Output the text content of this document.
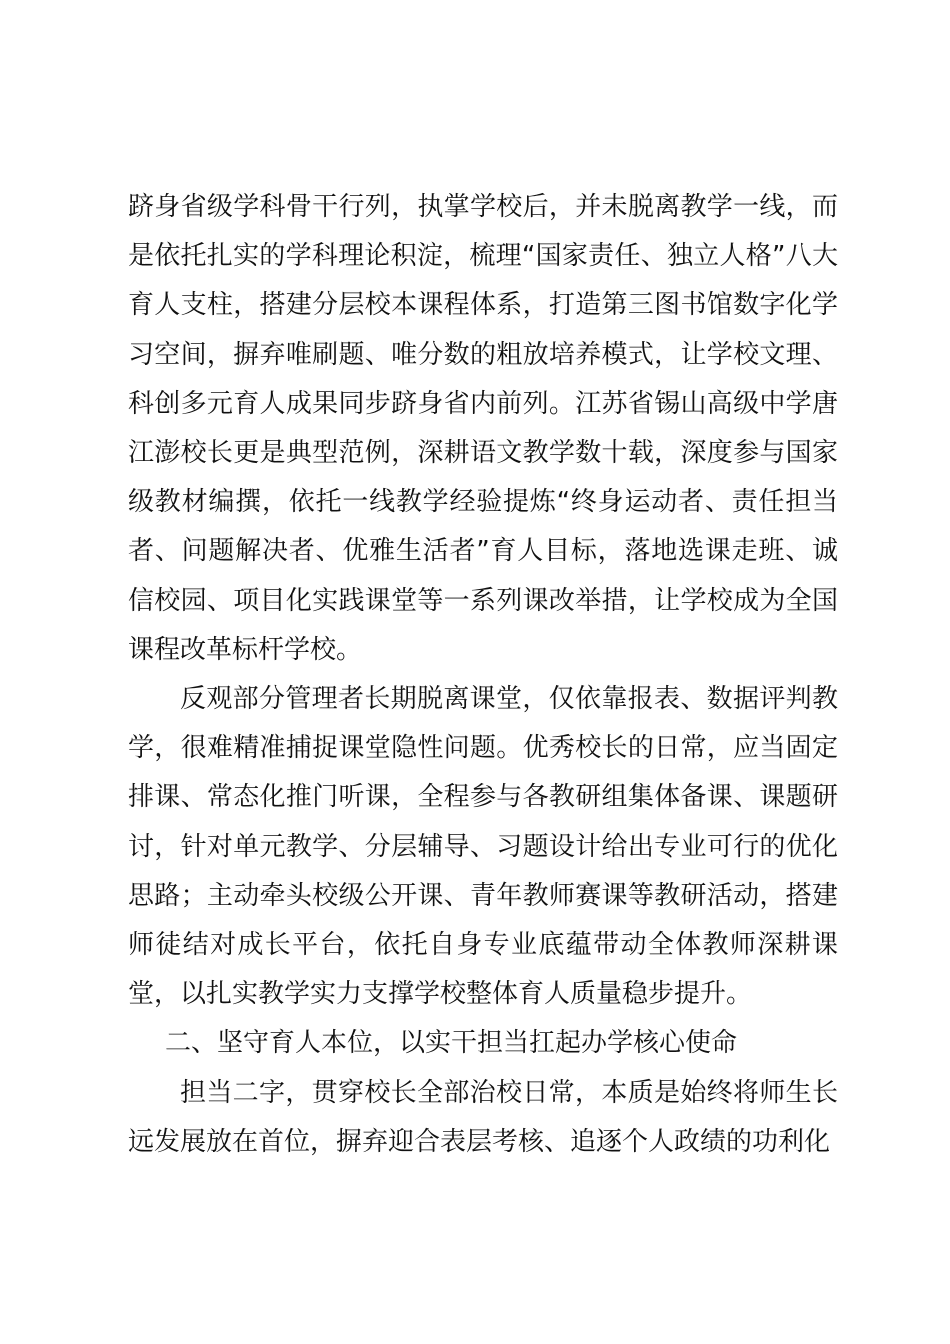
跻身省级学科骨干行列，执掌学校后，并未脱离教学一线，而是依托扎实的学科理论积淀，梳理“国家责任、独立人格”八大育人支柱，搭建分层校本课程体系，打造第三图书馆数字化学习空间，摒弃唯刷题、唯分数的粗放培养模式，让学校文理、科创多元育人成果同步跻身省内前列。江苏省锡山高级中学唐江澎校长更是典型范例，深耕语文教学数十载，深度参与国家级教材编撰，依托一线教学经验提炼“终身运动者、责任担当者、问题解决者、优雅生活者”育人目标，落地选课走班、诚信校园、项目化实践课堂等一系列课改举措，让学校成为全国课程改革标杆学校。

反观部分管理者长期脱离课堂，仅依靠报表、数据评判教学，很难精准捕捉课堂隐性问题。优秀校长的日常，应当固定排课、常态化推门听课，全程参与各教研组集体备课、课题研讨，针对单元教学、分层辅导、习题设计给出专业可行的优化思路；主动牵头校级公开课、青年教师赛课等教研活动，搭建师徒结对成长平台，依托自身专业底蕴带动全体教师深耕课堂，以扎实教学实力支撑学校整体育人质量稳步提升。

二、坚守育人本位，以实干担当扛起办学核心使命

担当二字，贯穿校长全部治校日常，本质是始终将师生长远发展放在首位，摒弃迎合表层考核、追逐个人政绩的功利化
